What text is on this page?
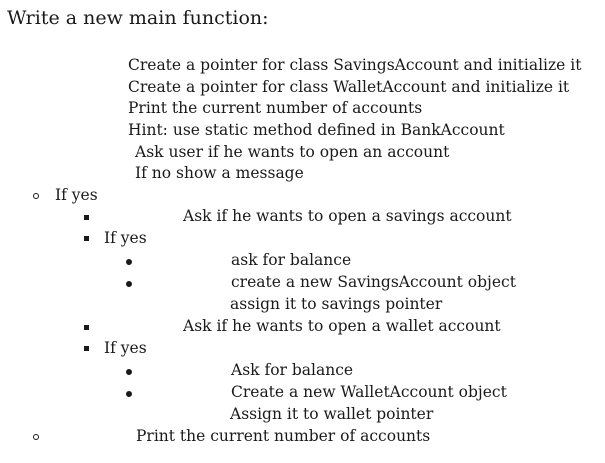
Write a new main function:
Create a pointer for class SavingsAccount and initialize it
Create a pointer for class WalletAccount and initialize it
Print the current number of accounts
Hint: use static method defined in BankAccount
Ask user if he wants to open an account
If no show a message
If yes
Ask if he wants to open a savings account
If yes
ask for balance
create a new SavingsAccount object
assign it to savings pointer
Ask if he wants to open a wallet account
If yes
Ask for balance
Create a new WalletAccount object
Assign it to wallet pointer
Print the current number of accounts
